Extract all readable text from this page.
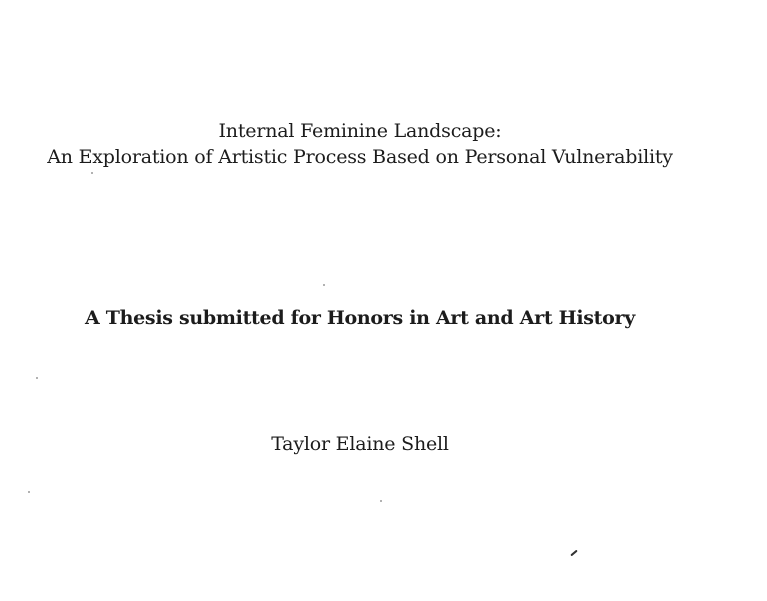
Internal Feminine Landscape:
An Exploration of Artistic Process Based on Personal Vulnerability
A Thesis submitted for Honors in Art and Art History
Taylor Elaine Shell
